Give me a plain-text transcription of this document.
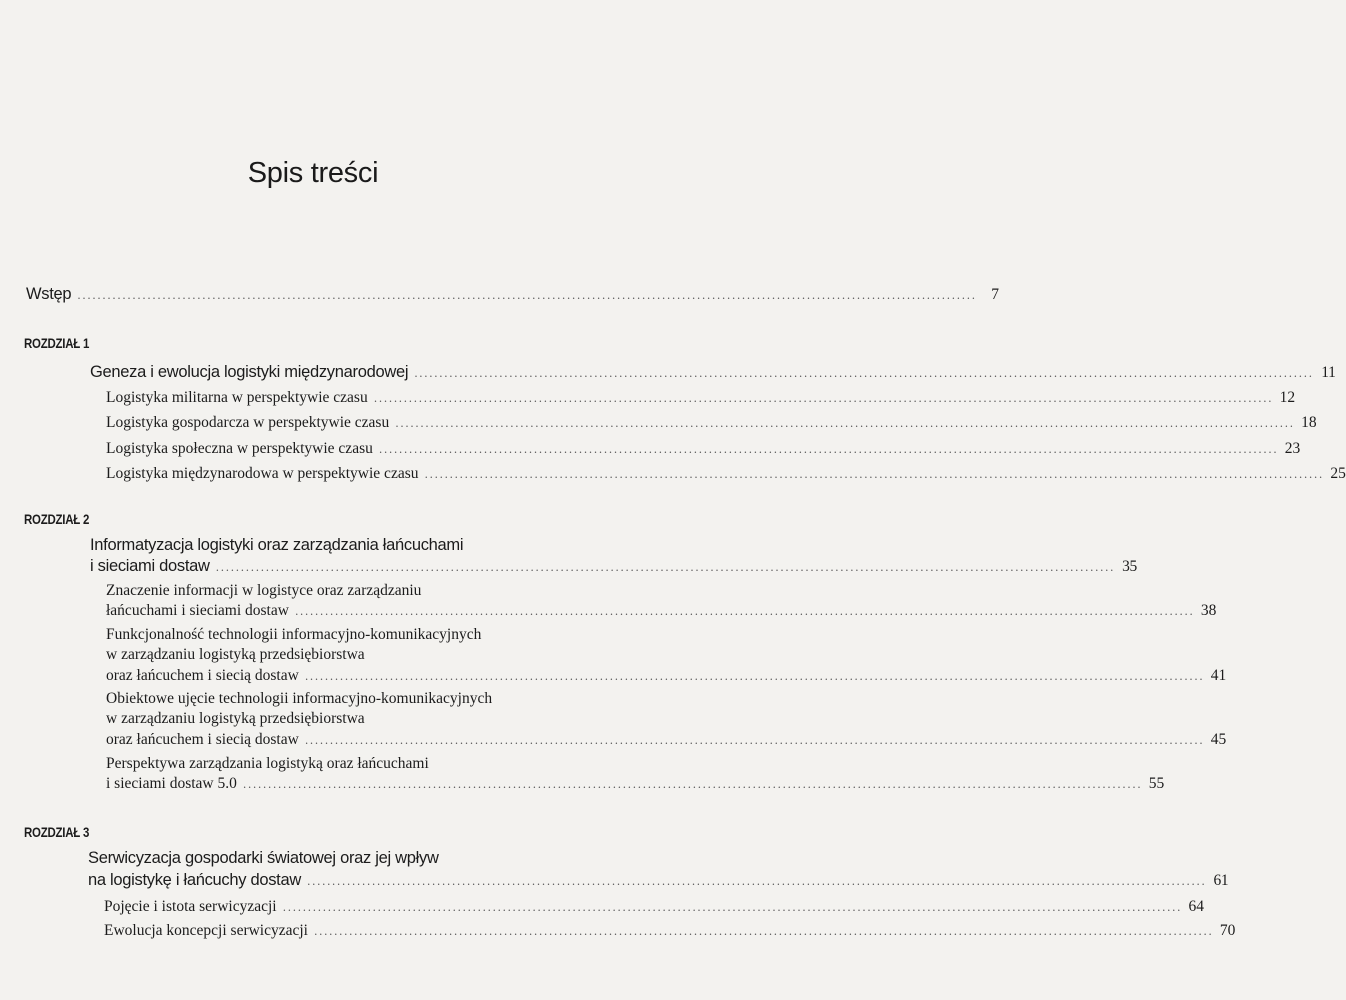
Spis treści
Wstęp .................................................................................................................................................................................... 7
ROZDZIAŁ 1
Geneza i ewolucja logistyki międzynarodowej .................................................................................................................................................................................... 11
Logistyka militarna w perspektywie czasu .................................................................................................................................................................................... 12
Logistyka gospodarcza w perspektywie czasu .................................................................................................................................................................................... 18
Logistyka społeczna w perspektywie czasu .................................................................................................................................................................................... 23
Logistyka międzynarodowa w perspektywie czasu .................................................................................................................................................................................... 25
ROZDZIAŁ 2
Informatyzacja logistyki oraz zarządzania łańcuchami
i sieciami dostaw .................................................................................................................................................................................... 35
Znaczenie informacji w logistyce oraz zarządzaniu
łańcuchami i sieciami dostaw .................................................................................................................................................................................... 38
Funkcjonalność technologii informacyjno-komunikacyjnych
w zarządzaniu logistyką przedsiębiorstwa
oraz łańcuchem i siecią dostaw .................................................................................................................................................................................... 41
Obiektowe ujęcie technologii informacyjno-komunikacyjnych
w zarządzaniu logistyką przedsiębiorstwa
oraz łańcuchem i siecią dostaw .................................................................................................................................................................................... 45
Perspektywa zarządzania logistyką oraz łańcuchami
i sieciami dostaw 5.0 .................................................................................................................................................................................... 55
ROZDZIAŁ 3
Serwicyzacja gospodarki światowej oraz jej wpływ
na logistykę i łańcuchy dostaw .................................................................................................................................................................................... 61
Pojęcie i istota serwicyzacji .................................................................................................................................................................................... 64
Ewolucja koncepcji serwicyzacji .................................................................................................................................................................................... 70
